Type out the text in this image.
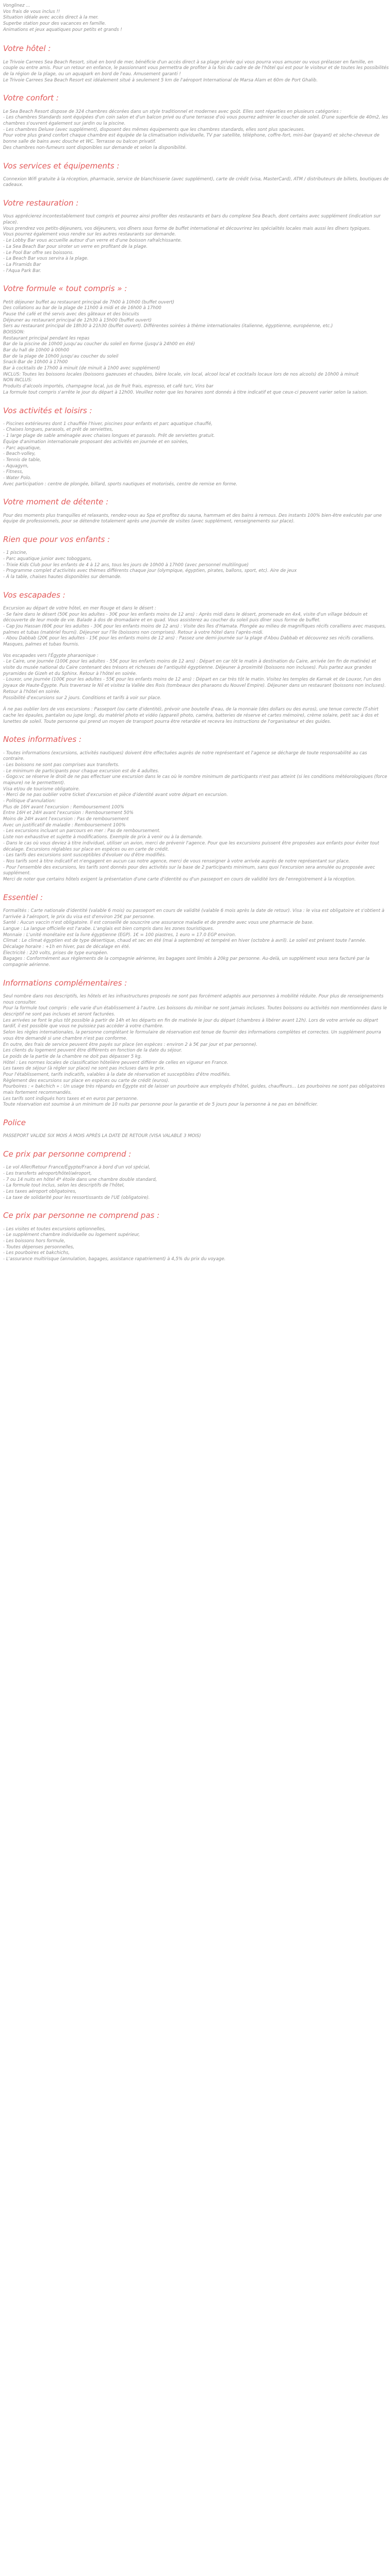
Vonglinez ...
Vos frais de vous inclus !!
Situation idéale avec accès direct à la mer.
Superbe station pour des vacances en famille.
Animations et jeux aquatiques pour petits et grands !
Votre hôtel :
Le Trivoie Carrees Sea Beach Resort, situé en bord de mer, bénéficie d'un accès direct à sa plage privée qui vous pourra vous amuser ou vous prélasser en famille, en couple ou entre amis. Pour un retour en enfance, le passionnant vous permettra de profiter à la fois du cadre de de l'hôtel qui est pour le visiteur et de toutes les possibilités de la région de la plage, ou un aquapark en bord de l'eau. Amusement garanti !
Le Trivoie Carrees Sea Beach Resort est idéalement situé à seulement 5 km de l'aéroport International de Marsa Alam et 60m de Port Ghalib.
Votre confort :
Le Sea Beach Resort dispose de 324 chambres décorées dans un style traditionnel et modernes avec goût. Elles sont réparties en plusieurs catégories :
- Les chambres Standards sont équipées d'un coin salon et d'un balcon privé ou d'une terrasse d'où vous pourrez admirer le coucher de soleil. D'une superficie de 40m2, les chambres s'ouvrent également sur jardin ou la piscine.
- Les chambres Deluxe (avec supplément), disposent des mêmes équipements que les chambres standards, elles sont plus spacieuses.
Pour votre plus grand confort chaque chambre est équipée de la climatisation individuelle, TV par satellite, téléphone, coffre-fort, mini-bar (payant) et sèche-cheveux de bonne salle de bains avec douche et WC. Terrasse ou balcon privatif.
Des chambres non-fumeurs sont disponibles sur demande et selon la disponibilité.
Vos services et équipements :
Connexion Wifi gratuite à la réception, pharmacie, service de blanchisserie (avec supplément), carte de crédit (visa, MasterCard), ATM / distributeurs de billets, boutiques de cadeaux.
Votre restauration :
Vous apprécierez incontestablement tout compris et pourrez ainsi profiter des restaurants et bars du complexe Sea Beach, dont certains avec supplément (indication sur place).
Vous prendrez vos petits-déjeuners, vos déjeuners, vos dîners sous forme de buffet international et découvrirez les spécialités locales mais aussi les dîners typiques.
Vous pourrez également vous rendre sur les autres restaurants sur demande.
- Le Lobby Bar vous accueille autour d'un verre et d'une boisson rafraîchissante.
- La Sea Beach Bar pour siroter un verre en profitant de la plage.
- Le Pool Bar offre ses boissons.
- La Beach Bar vous servira à la plage.
- La Piramids Bar
- l'Aqua Park Bar.
Votre formule « tout compris » :
Petit déjeuner buffet au restaurant principal de 7h00 à 10h00 (buffet ouvert)
Des collations au bar de la plage de 11h00 à midi et de 16h00 à 17h00
Pause thé café et thé servis avec des gâteaux et des biscuits
Déjeuner au restaurant principal de 12h30 à 15h00 (buffet ouvert)
Sers au restaurant principal de 18h30 à 21h30 (buffet ouvert). Différentes soirées à thème internationales (italienne, égyptienne, européenne, etc.)
BOISSON:
Restaurant principal pendant les repas
Bar de la piscine de 10h00 jusqu'au coucher du soleil en forme (jusqu'à 24h00 en été)
Bar du hall de 10h00 à 00h00
Bar de la plage de 10h00 jusqu'au coucher du soleil
Snack-Bar de 10h00 à 17h00
Bar à cocktails de 17h00 à minuit (de minuit à 1h00 avec supplément)
INCLUS: Toutes les boissons locales (boissons gazeuses et chaudes, bière locale, vin local, alcool local et cocktails locaux lors de nos alcools) de 10h00 à minuit
NON INCLUS:
Produits d'alcools importés, champagne local, jus de fruit frais, espresso, et café turc, Vins bar
La formule tout compris s'arrête le jour du départ à 12h00. Veuillez noter que les horaires sont donnés à titre indicatif et que ceux-ci peuvent varier selon la saison.
Vos activités et loisirs :
- Piscines extérieures dont 1 chauffée l'hiver, piscines pour enfants et parc aquatique chauffé,
- Chaises longues, parasols, et prêt de serviettes,
- 1 large plage de sable aménagée avec chaises longues et parasols. Prêt de serviettes gratuit.
Équipe d'animation internationale proposant des activités en journée et en soirées,
- Parc aquatique,
- Beach-volley,
- Tennis de table,
- Aquagym,
- Fitness,
- Water Polo.
Avec participation : centre de plongée, billard, sports nautiques et motorisés, centre de remise en forme.
Votre moment de détente :
Pour des moments plus tranquilles et relaxants, rendez-vous au Spa et profitez du sauna, hammam et des bains à remous. Des instants 100% bien-être exécutés par une équipe de professionnels, pour se détendre totalement après une journée de visites (avec supplément, renseignements sur place).
Rien que pour vos enfants :
- 1 piscine,
- Parc aquatique junior avec toboggans,
- Trixie Kids Club pour les enfants de 4 à 12 ans, tous les jours de 10h00 à 17h00 (avec personnel multilingue)
- Programme complet d'activités avec thèmes différents chaque jour (olympique, égyptien, pirates, ballons, sport, etc). Aire de jeux
- À la table, chaises hautes disponibles sur demande.
Vos escapades :
Excursion au départ de votre hôtel, en mer Rouge et dans le désert :
- Se faire dans le désert (50€ pour les adultes - 30€ pour les enfants moins de 12 ans) : Après midi dans le désert, promenade en 4x4, visite d'un village bédouin et découverte de leur mode de vie. Balade à dos de dromadaire et en quad. Vous assisterez au coucher du soleil puis dîner sous forme de buffet.
- Cap Jou Hassan (60€ pour les adultes - 30€ pour les enfants moins de 12 ans) : Visite des îles d'Hamata. Plongée au milieu de magnifiques récifs coralliens avec masques, palmes et tubas (matériel fourni). Déjeuner sur l'île (boissons non comprises). Retour à votre hôtel dans l'après-midi.
- Abou Dabbab (20€ pour les adultes - 15€ pour les enfants moins de 12 ans) : Passez une demi-journée sur la plage d'Abou Dabbab et découvrez ses récifs coralliens. Masques, palmes et tubas fournis.
Vos escapades vers l'Égypte pharaonique :
- Le Caire, une journée (100€ pour les adultes - 55€ pour les enfants moins de 12 ans) : Départ en car tôt le matin à destination du Caire, arrivée (en fin de matinée) et visite du musée national du Caire contenant des trésors et richesses de l'antiquité égyptienne. Déjeuner à proximité (boissons non incluses). Puis partez aux grandes pyramides de Gizeh et du Sphinx. Retour à l'hôtel en soirée.
- Louxor, une journée (100€ pour les adultes - 55€ pour les enfants moins de 12 ans) : Départ en car très tôt le matin. Visitez les temples de Karnak et de Louxor, l'un des joyaux de Haute-Égypte. Puis traversez le Nil et visitez la Vallée des Rois (tombeaux des pharaons du Nouvel Empire). Déjeuner dans un restaurant (boissons non incluses). Retour à l'hôtel en soirée.
Possibilité d'excursions sur 2 jours. Conditions et tarifs à voir sur place.
À ne pas oublier lors de vos excursions : Passeport (ou carte d'identité), prévoir une boutelle d'eau, de la monnaie (des dollars ou des euros), une tenue correcte (T-shirt cache les épaules, pantalon ou jupe long), du matériel photo et vidéo (appareil photo, caméra, batteries de réserve et cartes mémoire), crème solaire, petit sac à dos et lunettes de soleil. Toute personne qui prend un moyen de transport pourra être retardée et recevra les instructions de l'organisateur et des guides.
Notes informatives :
- Toutes informations (excursions, activités nautiques) doivent être effectuées auprès de notre représentant et l'agence se décharge de toute responsabilité au cas contraire.
- Les boissons ne sont pas comprises aux transferts.
- Le minimum de participants pour chaque excursion est de 4 adultes.
- Gogo:vc se réserve le droit de ne pas effectuer une excursion dans le cas où le nombre minimum de participants n'est pas atteint (si les conditions météorologiques (force majeure) ne le permettent).
Visa et/ou de tourisme obligatoire.
- Merci de ne pas oublier votre ticket d'excursion et pièce d'identité avant votre départ en excursion.
- Politique d'annulation:
Plus de 16H avant l'excursion : Remboursement 100%
Entre 16H et 24H avant l'excursion : Remboursement 50%
Moins de 24H avant l'excursion : Pas de remboursement
Avec un justificatif de maladie : Remboursement 100%
- Les excursions incluant un parcours en mer : Pas de remboursement.
Liste non exhaustive et sujette à modifications. Exemple de prix à venir ou à la demande.
- Dans le cas où vous deviez à titre individuel, utiliser un avion, merci de prévenir l'agence. Pour que les excursions puissent être proposées aux enfants pour éviter tout décalage. Excursions réglables sur place en espèces ou en carte de crédit.
- Les tarifs des excursions sont susceptibles d'évoluer ou d'être modifiés.
- Nos tarifs sont à titre indicatif et n'engagent en aucun cas notre agence, merci de vous renseigner à votre arrivée auprès de notre représentant sur place.
- Pour l'ensemble des excursions, les tarifs sont donnés pour des activités sur la base de 2 participants minimum, sans quoi l'excursion sera annulée ou proposée avec supplément.
Merci de noter que certains hôtels exigent la présentation d'une carte d'identité ou d'un passeport en cours de validité lors de l'enregistrement à la réception.
Essentiel :
Formalités : Carte nationale d'identité (valable 6 mois) ou passeport en cours de validité (valable 6 mois après la date de retour). Visa : le visa est obligatoire et s'obtient à l'arrivée à l'aéroport, le prix du visa est d'environ 25€ par personne.
Santé : Aucun vaccin n'est obligatoire. Il est conseillé de souscrire une assurance maladie et de prendre avec vous une pharmacie de base.
Langue : La langue officielle est l'arabe. L'anglais est bien compris dans les zones touristiques.
Monnaie : L'unité monétaire est la livre égyptienne (EGP). 1€ = 100 piastres, 1 euro = 17.0 EGP environ.
Climat : Le climat égyptien est de type désertique, chaud et sec en été (mai à septembre) et tempéré en hiver (octobre à avril). Le soleil est présent toute l'année.
Décalage horaire : +1h en hiver, pas de décalage en été.
Électricité : 220 volts, prises de type européen.
Bagages : Conformément aux règlements de la compagnie aérienne, les bagages sont limités à 20kg par personne. Au-delà, un supplément vous sera facturé par la compagnie aérienne.
Informations complémentaires :
Seul nombre dans nos descriptifs, les hôtels et les infrastructures proposés ne sont pas forcément adaptés aux personnes à mobilité réduite. Pour plus de renseignements nous consulter.
Pour la formule tout compris : elle varie d'un établissement à l'autre. Les boissons du minibar ne sont jamais incluses. Toutes boissons ou activités non mentionnées dans le descriptif ne sont pas incluses et seront facturées.
Les arrivées se font le plus tôt possible à partir de 14h et les départs en fin de matinée le jour du départ (chambres à libérer avant 12h). Lors de votre arrivée ou départ tardif, il est possible que vous ne puissiez pas accéder à votre chambre.
Selon les règles internationales, la personne complétant le formulaire de réservation est tenue de fournir des informations complètes et correctes. Un supplément pourra vous être demandé si une chambre n'est pas conforme.
En outre, des frais de service peuvent être payés sur place (en espèces : environ 2 à 5€ par jour et par personne).
Les clients du logement peuvent être différents en fonction de la date du séjour.
Le poids de la partie de la chambre ne doit pas dépasser 5 kg.
Hôtel : Les normes locales de classification hôtelière peuvent différer de celles en vigueur en France.
Les taxes de séjour (à régler sur place) ne sont pas incluses dans le prix.
Pour l'établissement, tarifs indicatifs, valables à la date de réservation et susceptibles d'être modifiés.
Règlement des excursions sur place en espèces ou carte de crédit (euros).
Pourboires : « bakchich » : Un usage très répandu en Égypte est de laisser un pourboire aux employés d'hôtel, guides, chauffeurs... Les pourboires ne sont pas obligatoires mais fortement recommandés.
Les tarifs sont indiqués hors taxes et en euros par personne.
Toute réservation est soumise à un minimum de 10 nuits par personne pour la garantie et de 5 jours pour la personne à ne pas en bénéficier.
Police
PASSEPORT VALIDE SIX MOIS À MOIS APRÈS LA DATE DE RETOUR (VISA VALABLE 3 MOIS)
Ce prix par personne comprend :
- Le vol Aller/Retour France/Égypte/France à bord d'un vol spécial,
- Les transferts aéroport/hôtel/aéroport,
- 7 ou 14 nuits en hôtel 4* étoile dans une chambre double standard,
- La formule tout inclus, selon les descriptifs de l'hôtel,
- Les taxes aéroport obligatoires,
- La taxe de solidarité pour les ressortissants de l'UE (obligatoire).
Ce prix par personne ne comprend pas :
- Les visites et toutes excursions optionnelles,
- Le supplément chambre individuelle ou logement supérieur,
- Les boissons hors formule,
- Toutes dépenses personnelles,
- Les pourboires et bakchichs,
- L'assurance multirisque (annulation, bagages, assistance rapatriement) à 4,5% du prix du voyage.
